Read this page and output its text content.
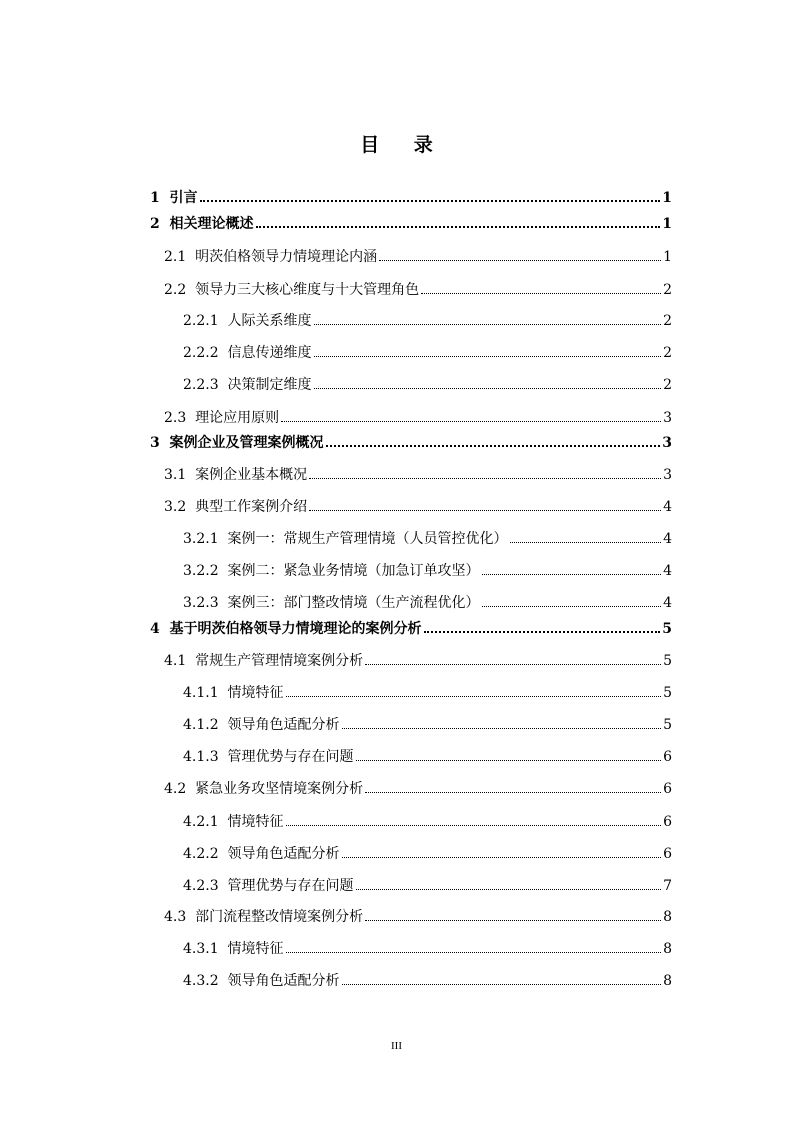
目 录
1 引言	1
2 相关理论概述	1
2.1 明茨伯格领导力情境理论内涵	1
2.2 领导力三大核心维度与十大管理角色	2
2.2.1 人际关系维度	2
2.2.2 信息传递维度	2
2.2.3 决策制定维度	2
2.3 理论应用原则	3
3 案例企业及管理案例概况	3
3.1 案例企业基本概况	3
3.2 典型工作案例介绍	4
3.2.1 案例一：常规生产管理情境（人员管控优化）	4
3.2.2 案例二：紧急业务情境（加急订单攻坚）	4
3.2.3 案例三：部门整改情境（生产流程优化）	4
4 基于明茨伯格领导力情境理论的案例分析	5
4.1 常规生产管理情境案例分析	5
4.1.1 情境特征	5
4.1.2 领导角色适配分析	5
4.1.3 管理优势与存在问题	6
4.2 紧急业务攻坚情境案例分析	6
4.2.1 情境特征	6
4.2.2 领导角色适配分析	6
4.2.3 管理优势与存在问题	7
4.3 部门流程整改情境案例分析	8
4.3.1 情境特征	8
4.3.2 领导角色适配分析	8
III
